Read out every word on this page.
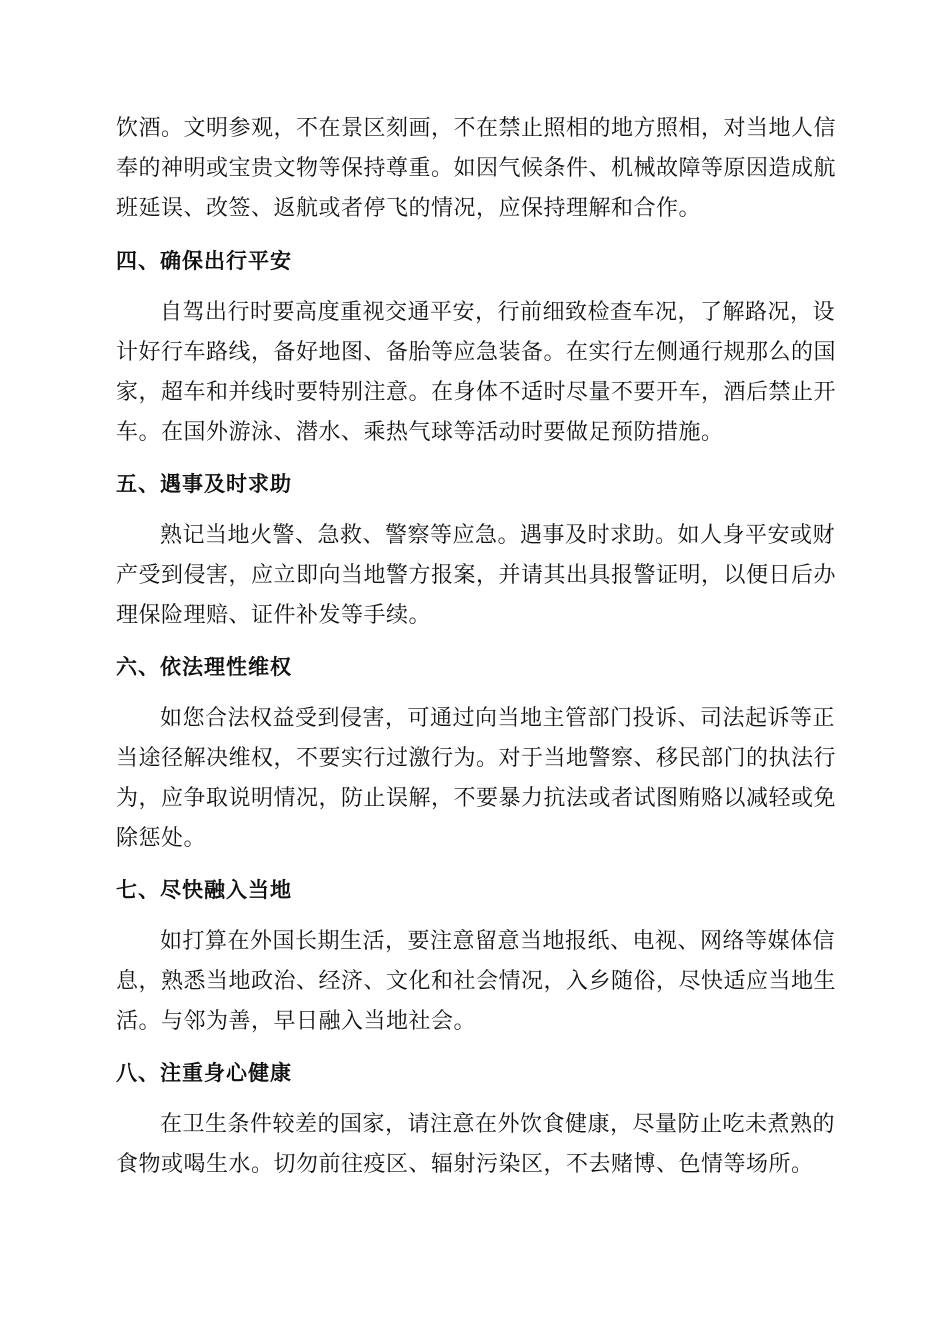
饮酒。文明参观，不在景区刻画，不在禁止照相的地方照相，对当地人信
奉的神明或宝贵文物等保持尊重。如因气候条件、机械故障等原因造成航
班延误、改签、返航或者停飞的情况，应保持理解和合作。
四、确保出行平安
自驾出行时要高度重视交通平安，行前细致检查车况，了解路况，设
计好行车路线，备好地图、备胎等应急装备。在实行左侧通行规那么的国
家，超车和并线时要特别注意。在身体不适时尽量不要开车，酒后禁止开
车。在国外游泳、潜水、乘热气球等活动时要做足预防措施。
五、遇事及时求助
熟记当地火警、急救、警察等应急。遇事及时求助。如人身平安或财
产受到侵害，应立即向当地警方报案，并请其出具报警证明，以便日后办
理保险理赔、证件补发等手续。
六、依法理性维权
如您合法权益受到侵害，可通过向当地主管部门投诉、司法起诉等正
当途径解决维权，不要实行过激行为。对于当地警察、移民部门的执法行
为，应争取说明情况，防止误解，不要暴力抗法或者试图贿赂以减轻或免
除惩处。
七、尽快融入当地
如打算在外国长期生活，要注意留意当地报纸、电视、网络等媒体信
息，熟悉当地政治、经济、文化和社会情况，入乡随俗，尽快适应当地生
活。与邻为善，早日融入当地社会。
八、注重身心健康
在卫生条件较差的国家，请注意在外饮食健康，尽量防止吃未煮熟的
食物或喝生水。切勿前往疫区、辐射污染区，不去赌博、色情等场所。
